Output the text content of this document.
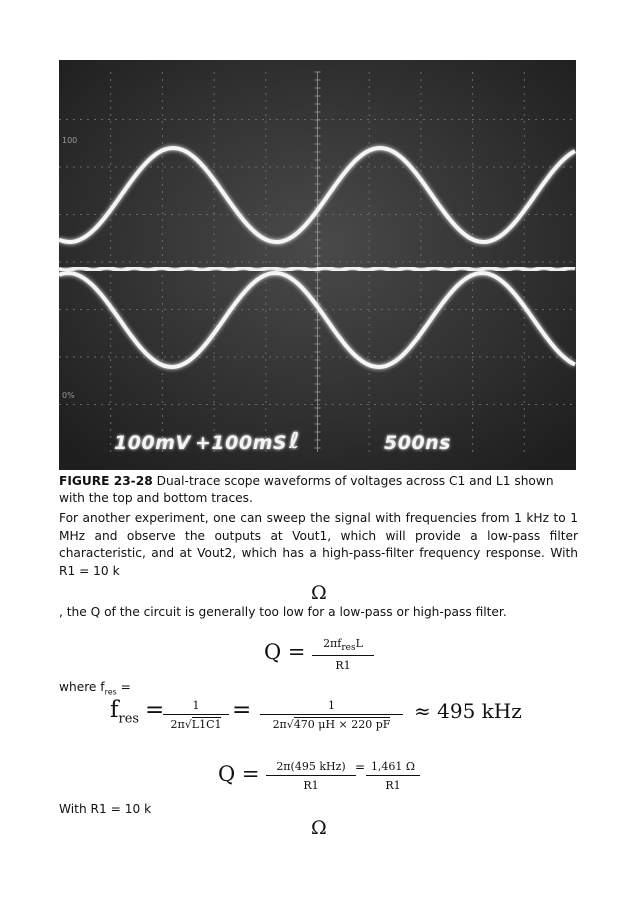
100
0%
100mV +100mS ℓ	500ns
FIGURE 23-28 Dual-trace scope waveforms of voltages across C1 and L1 shown with the top and bottom traces.
For another experiment, one can sweep the signal with frequencies from 1 kHz to 1 MHz and observe the outputs at Vout1, which will provide a low-pass filter characteristic, and at Vout2, which has a high-pass-filter frequency response. With R1 = 10 k
Ω
, the Q of the circuit is generally too low for a low-pass or high-pass filter.
Q =	$2\pi f_{res}L$
R1
where $f_{res}$ =
$f_{res}$ =
$\frac{1}{2\pi√L1C1} = \frac{1}{2\pi√470 \mu H \times 220 pF} \approx 495$ kHz
Q =	2π(495 kHz)
R1
= $\frac{1,461 \Omega}{R1}$
With R1 = 10 k
Ω
